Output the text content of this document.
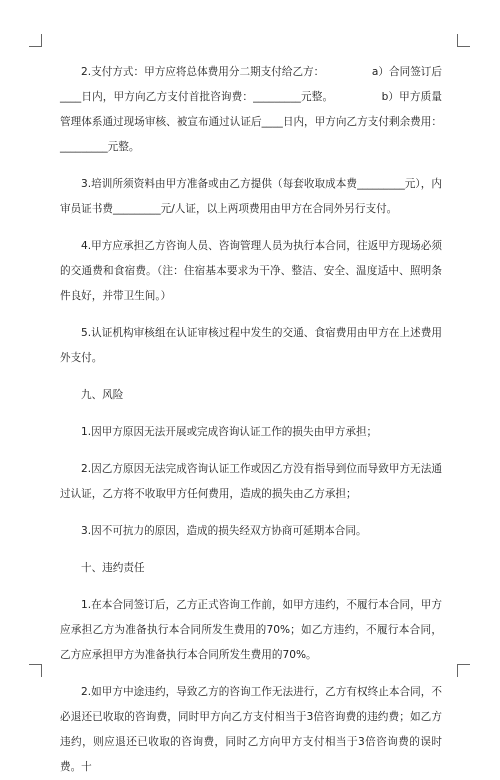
2.支付方式：甲方应将总体费用分二期支付给乙方：　　　　　a）合同签订后____日内，甲方向乙方支付首批咨询费：_________元整。　　　　　b）甲方质量管理体系通过现场审核、被宣布通过认证后____日内，甲方向乙方支付剩余费用：_________元整。

3.培训所须资料由甲方准备或由乙方提供（每套收取成本费_________元），内审员证书费_________元/人证，以上两项费用由甲方在合同外另行支付。

4.甲方应承担乙方咨询人员、咨询管理人员为执行本合同，往返甲方现场必须的交通费和食宿费。（注：住宿基本要求为干净、整洁、安全、温度适中、照明条件良好，并带卫生间。）

5.认证机构审核组在认证审核过程中发生的交通、食宿费用由甲方在上述费用外支付。

九、风险

1.因甲方原因无法开展或完成咨询认证工作的损失由甲方承担；

2.因乙方原因无法完成咨询认证工作或因乙方没有指导到位而导致甲方无法通过认证，乙方将不收取甲方任何费用，造成的损失由乙方承担；

3.因不可抗力的原因，造成的损失经双方协商可延期本合同。

十、违约责任

1.在本合同签订后，乙方正式咨询工作前，如甲方违约，不履行本合同，甲方应承担乙方为准备执行本合同所发生费用的70%；如乙方违约，不履行本合同，乙方应承担甲方为准备执行本合同所发生费用的70%。

2.如甲方中途违约，导致乙方的咨询工作无法进行，乙方有权终止本合同，不必退还已收取的咨询费，同时甲方向乙方支付相当于3倍咨询费的违约费；如乙方违约，则应退还已收取的咨询费，同时乙方向甲方支付相当于3倍咨询费的误时费。十
